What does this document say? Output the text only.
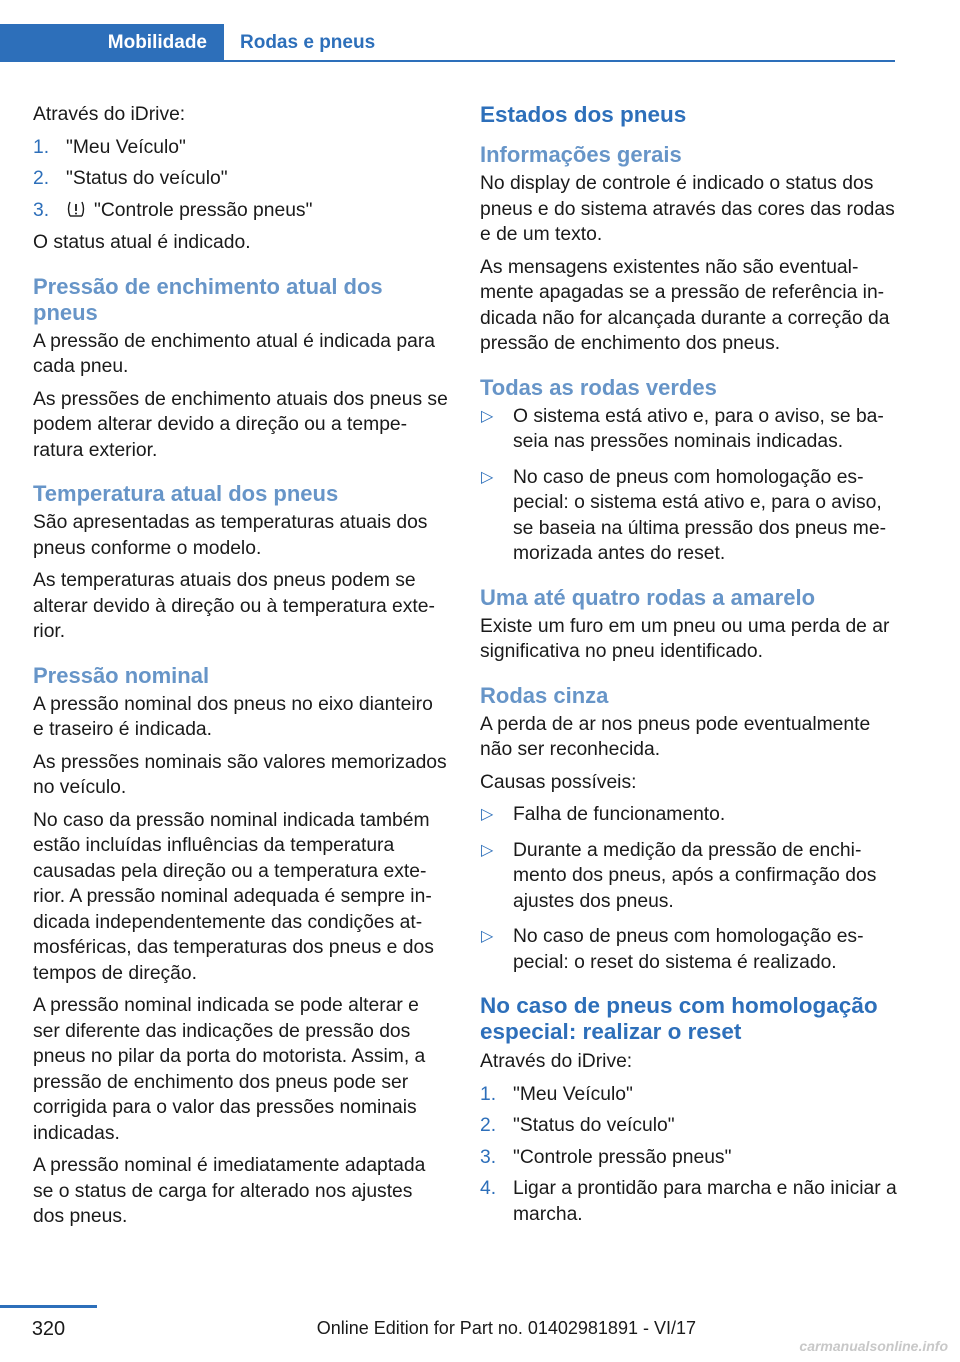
Mobilidade	Rodas e pneus

Através do iDrive:

1. "Meu Veículo"
2. "Status do veículo"
3. "Controle pressão pneus"

O status atual é indicado.

Pressão de enchimento atual dos pneus

A pressão de enchimento atual é indicada para cada pneu.

As pressões de enchimento atuais dos pneus se podem alterar devido a direção ou a temperatura exterior.

Temperatura atual dos pneus

São apresentadas as temperaturas atuais dos pneus conforme o modelo.

As temperaturas atuais dos pneus podem se alterar devido à direção ou à temperatura exterior.

Pressão nominal

A pressão nominal dos pneus no eixo dianteiro e traseiro é indicada.

As pressões nominais são valores memorizados no veículo.

No caso da pressão nominal indicada também estão incluídas influências da temperatura causadas pela direção ou a temperatura exterior. A pressão nominal adequada é sempre indicada independentemente das condições atmosféricas, das temperaturas dos pneus e dos tempos de direção.

A pressão nominal indicada se pode alterar e ser diferente das indicações de pressão dos pneus no pilar da porta do motorista. Assim, a pressão de enchimento dos pneus pode ser corrigida para o valor das pressões nominais indicadas.

A pressão nominal é imediatamente adaptada se o status de carga for alterado nos ajustes dos pneus.

Estados dos pneus
Informações gerais

No display de controle é indicado o status dos pneus e do sistema através das cores das rodas e de um texto.

As mensagens existentes não são eventualmente apagadas se a pressão de referência indicada não for alcançada durante a correção da pressão de enchimento dos pneus.

Todas as rodas verdes
▷ O sistema está ativo e, para o aviso, se baseia nas pressões nominais indicadas.
▷ No caso de pneus com homologação especial: o sistema está ativo e, para o aviso, se baseia na última pressão dos pneus memorizada antes do reset.
Uma até quatro rodas a amarelo

Existe um furo em um pneu ou uma perda de ar significativa no pneu identificado.

Rodas cinza

A perda de ar nos pneus pode eventualmente não ser reconhecida.

Causas possíveis:

▷ Falha de funcionamento.
▷ Durante a medição da pressão de enchimento dos pneus, após a confirmação dos ajustes dos pneus.
▷ No caso de pneus com homologação especial: o reset do sistema é realizado.
No caso de pneus com homologação especial: realizar o reset

Através do iDrive:

1. "Meu Veículo"
2. "Status do veículo"
3. "Controle pressão pneus"
4. Ligar a prontidão para marcha e não iniciar a marcha.
320	Online Edition for Part no. 01402981891 - VI/17
carmanualsonline.info
